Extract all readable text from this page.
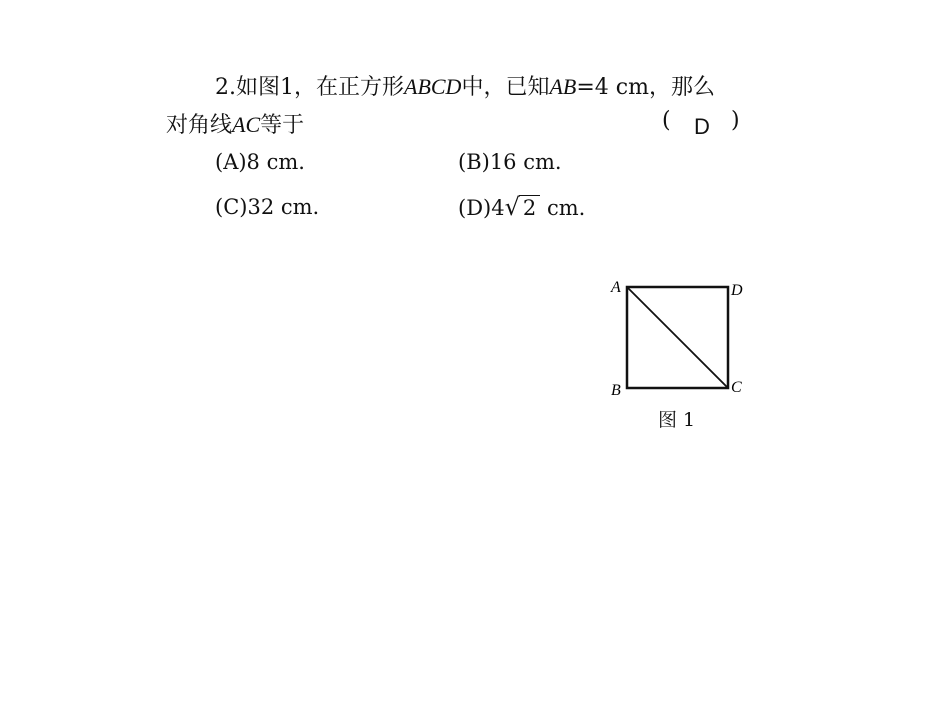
2.如图1，在正方形ABCD中，已知AB=4 cm，那么
对角线AC等于	( D )
(A)8 cm.	(B)16 cm.
(C)32 cm.	(D)4√ 2 cm.
A	D
B	C
图 1
